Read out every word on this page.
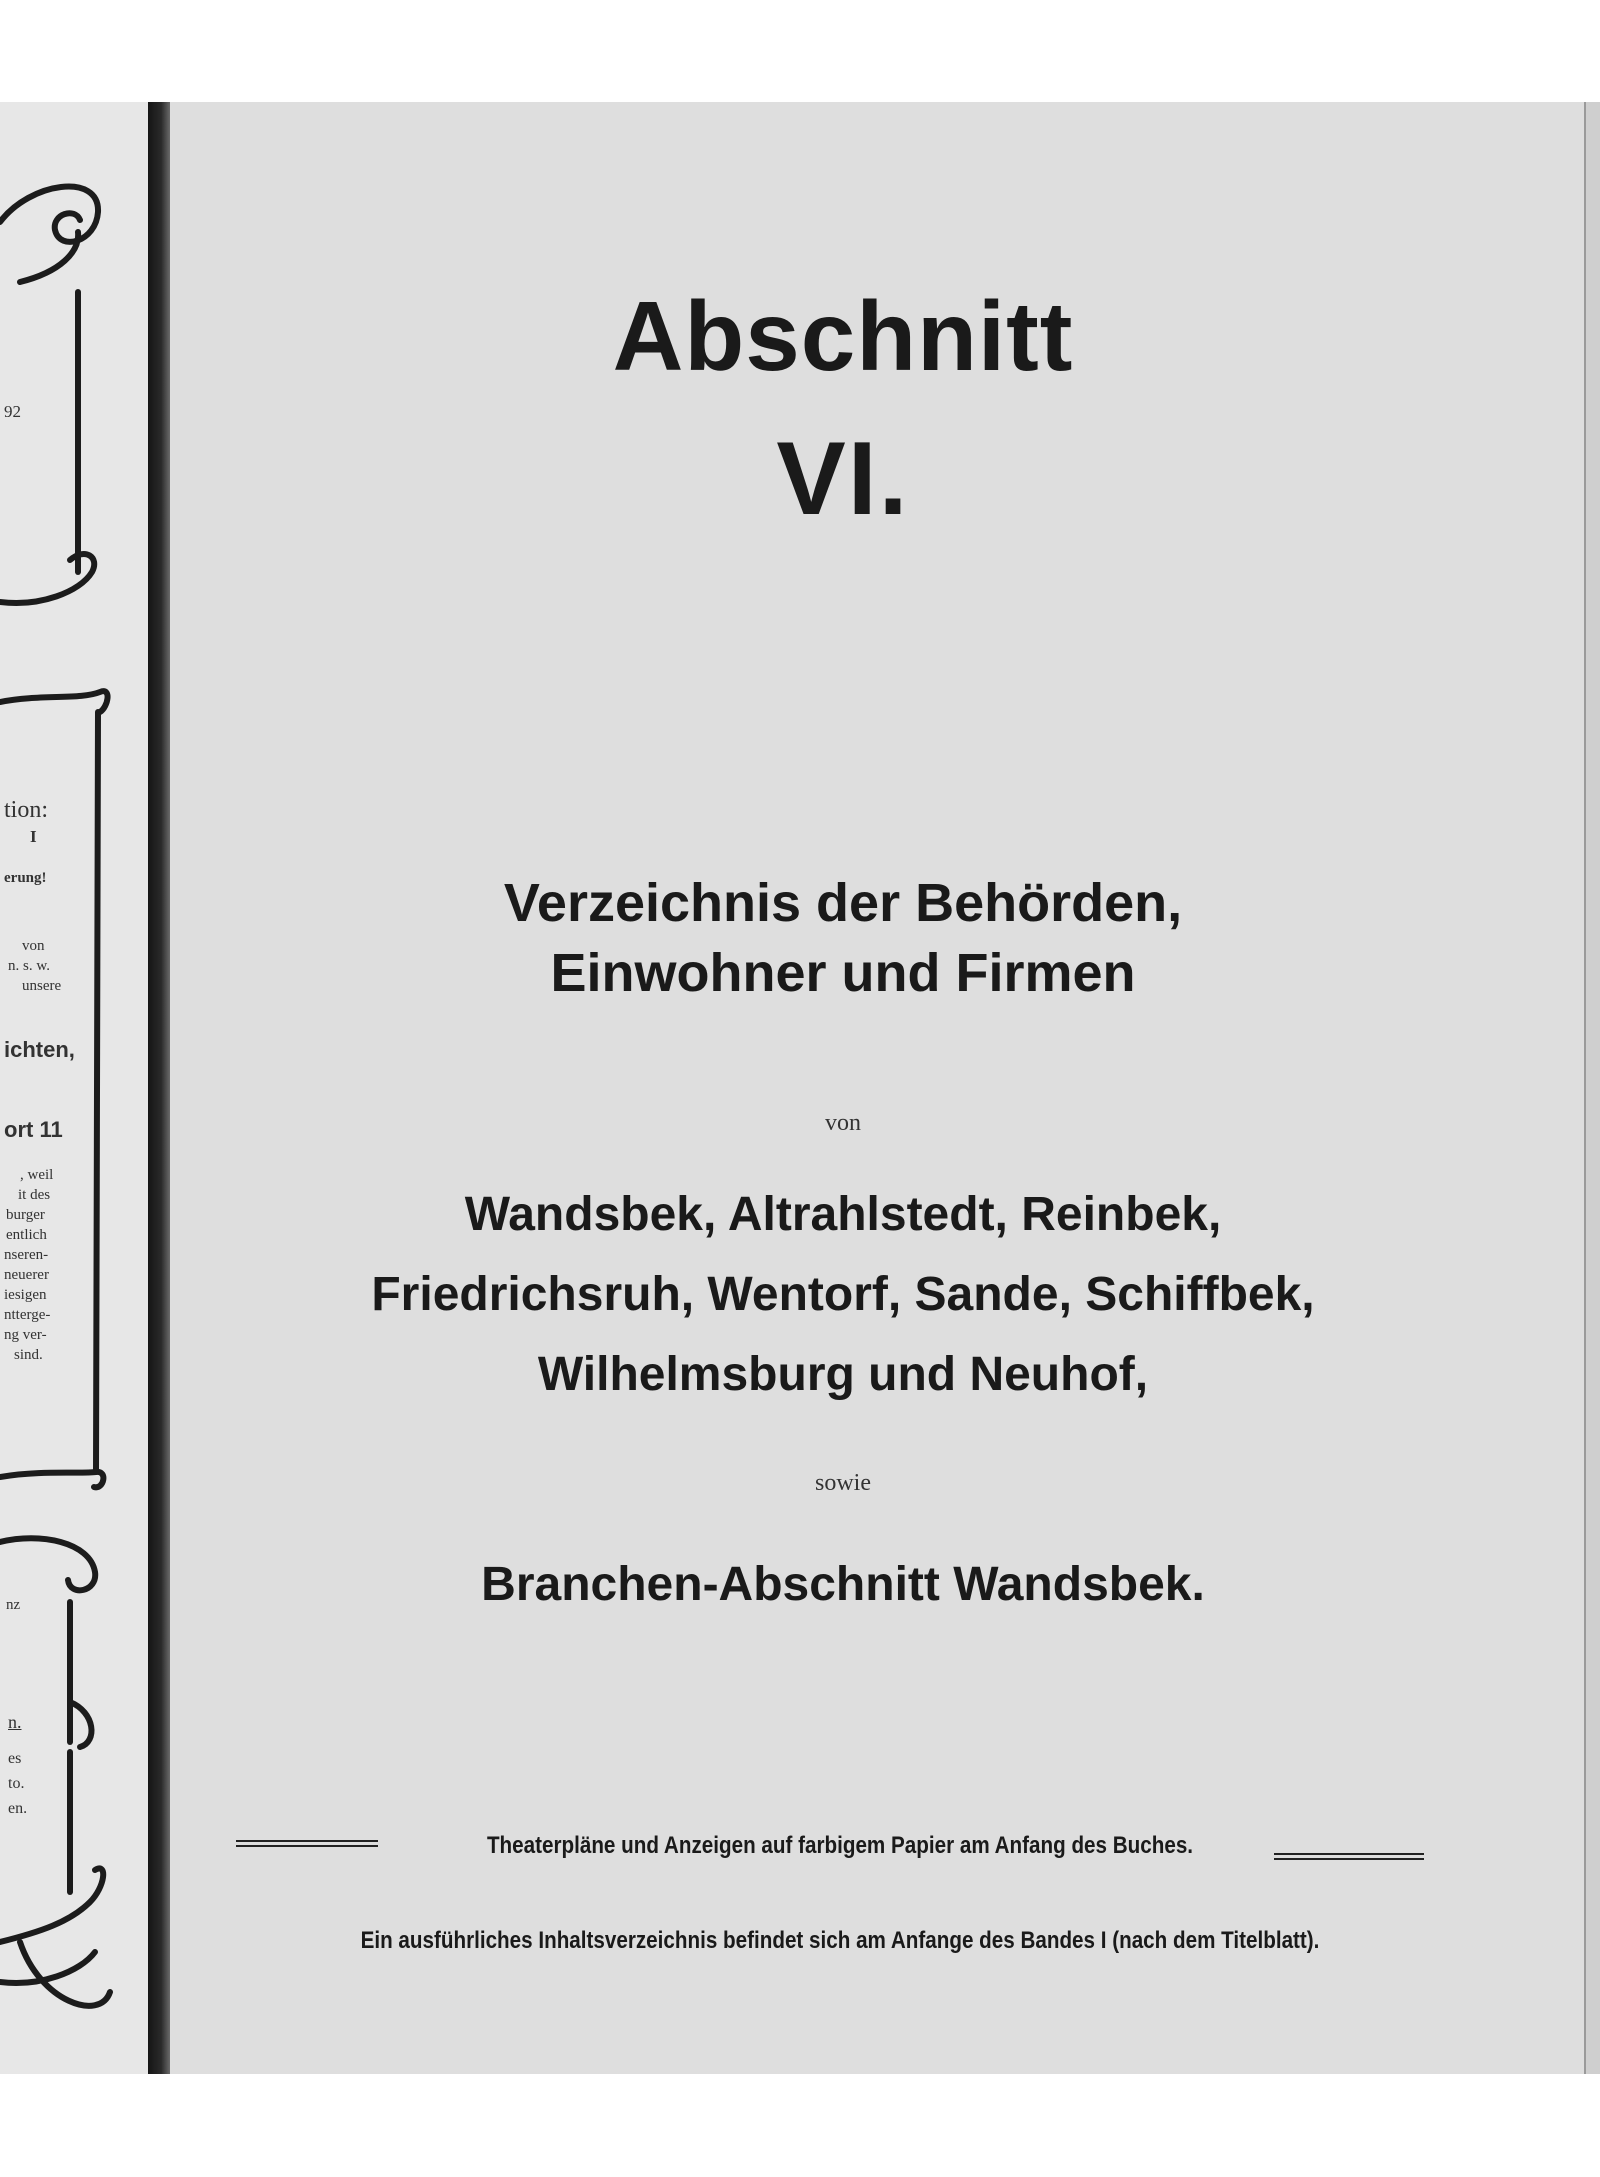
92
tion:
I
erung!
von
n. s. w.
unsere
ichten,
ort 11
, weil
it des
burger
entlich
nseren-
neuerer
iesigen
ntterge-
ng ver-
sind.
nz
n.
es
to.
en.
Abschnitt
VI.
Verzeichnis der Behörden,
Einwohner und Firmen
von
Wandsbek, Altrahlstedt, Reinbek,
Friedrichsruh, Wentorf, Sande, Schiffbek,
Wilhelmsburg und Neuhof,
sowie
Branchen-Abschnitt Wandsbek.
Theaterpläne und Anzeigen auf farbigem Papier am Anfang des Buches.
Ein ausführliches Inhaltsverzeichnis befindet sich am Anfange des Bandes I (nach dem Titelblatt).
